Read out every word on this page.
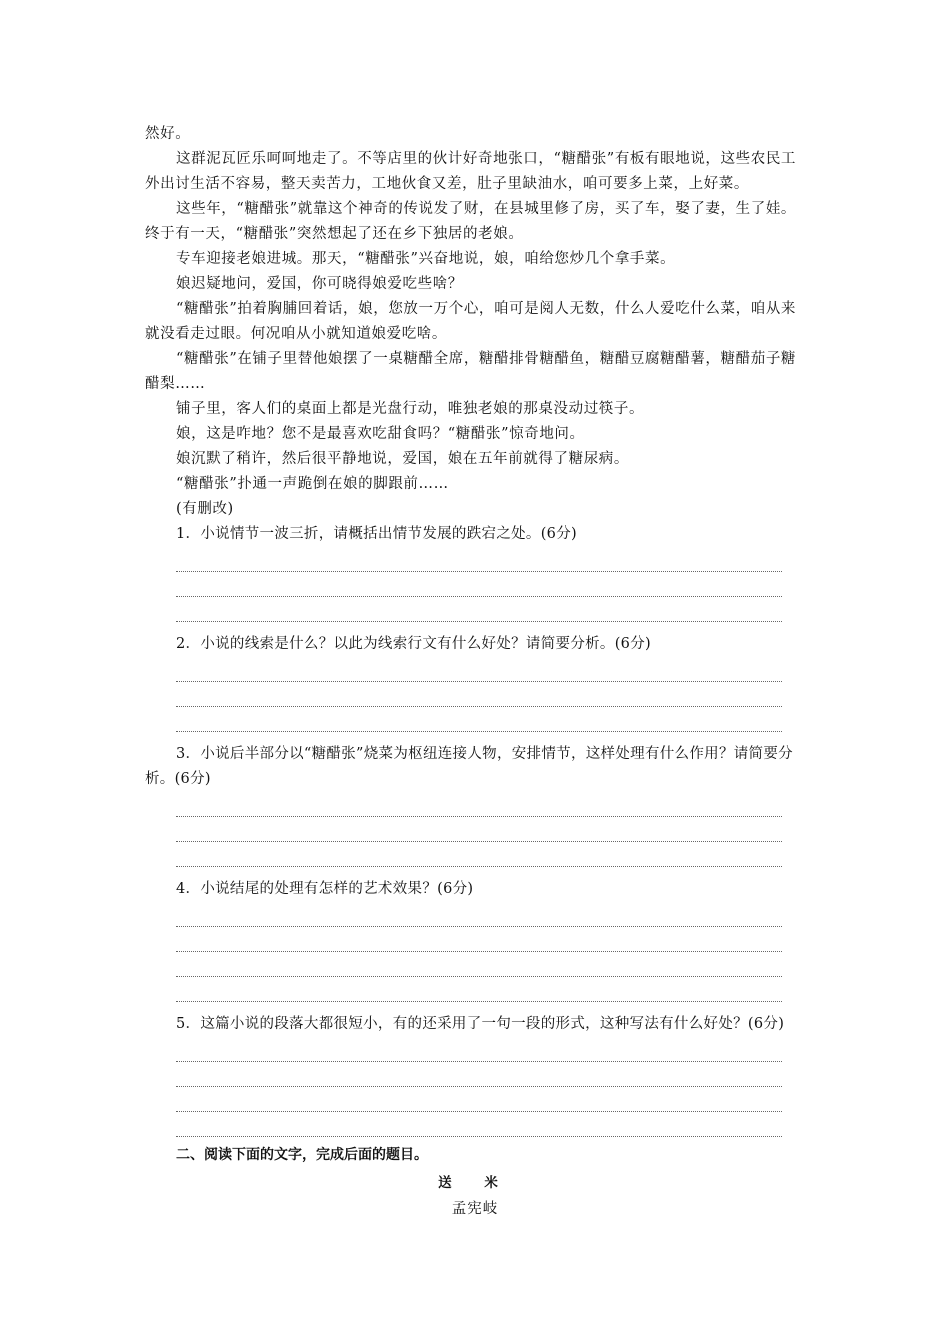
然好。

这群泥瓦匠乐呵呵地走了。不等店里的伙计好奇地张口，“糖醋张”有板有眼地说，这些农民工外出讨生活不容易，整天卖苦力，工地伙食又差，肚子里缺油水，咱可要多上菜，上好菜。

这些年，“糖醋张”就靠这个神奇的传说发了财，在县城里修了房，买了车，娶了妻，生了娃。终于有一天，“糖醋张”突然想起了还在乡下独居的老娘。

专车迎接老娘进城。那天，“糖醋张”兴奋地说，娘，咱给您炒几个拿手菜。

娘迟疑地问，爱国，你可晓得娘爱吃些啥？

“糖醋张”拍着胸脯回着话，娘，您放一万个心，咱可是阅人无数，什么人爱吃什么菜，咱从来就没看走过眼。何况咱从小就知道娘爱吃啥。

“糖醋张”在铺子里替他娘摆了一桌糖醋全席，糖醋排骨糖醋鱼，糖醋豆腐糖醋薯，糖醋茄子糖醋梨……

铺子里，客人们的桌面上都是光盘行动，唯独老娘的那桌没动过筷子。

娘，这是咋地？您不是最喜欢吃甜食吗？“糖醋张”惊奇地问。

娘沉默了稍许，然后很平静地说，爱国，娘在五年前就得了糖尿病。

“糖醋张”扑通一声跪倒在娘的脚跟前……

(有删改)

1．小说情节一波三折，请概括出情节发展的跌宕之处。(6分)

2．小说的线索是什么？以此为线索行文有什么好处？请简要分析。(6分)

3．小说后半部分以“糖醋张”烧菜为枢纽连接人物，安排情节，这样处理有什么作用？请简要分析。(6分)

4．小说结尾的处理有怎样的艺术效果？(6分)

5．这篇小说的段落大都很短小，有的还采用了一句一段的形式，这种写法有什么好处？(6分)

二、阅读下面的文字，完成后面的题目。

送 米

孟宪岐
